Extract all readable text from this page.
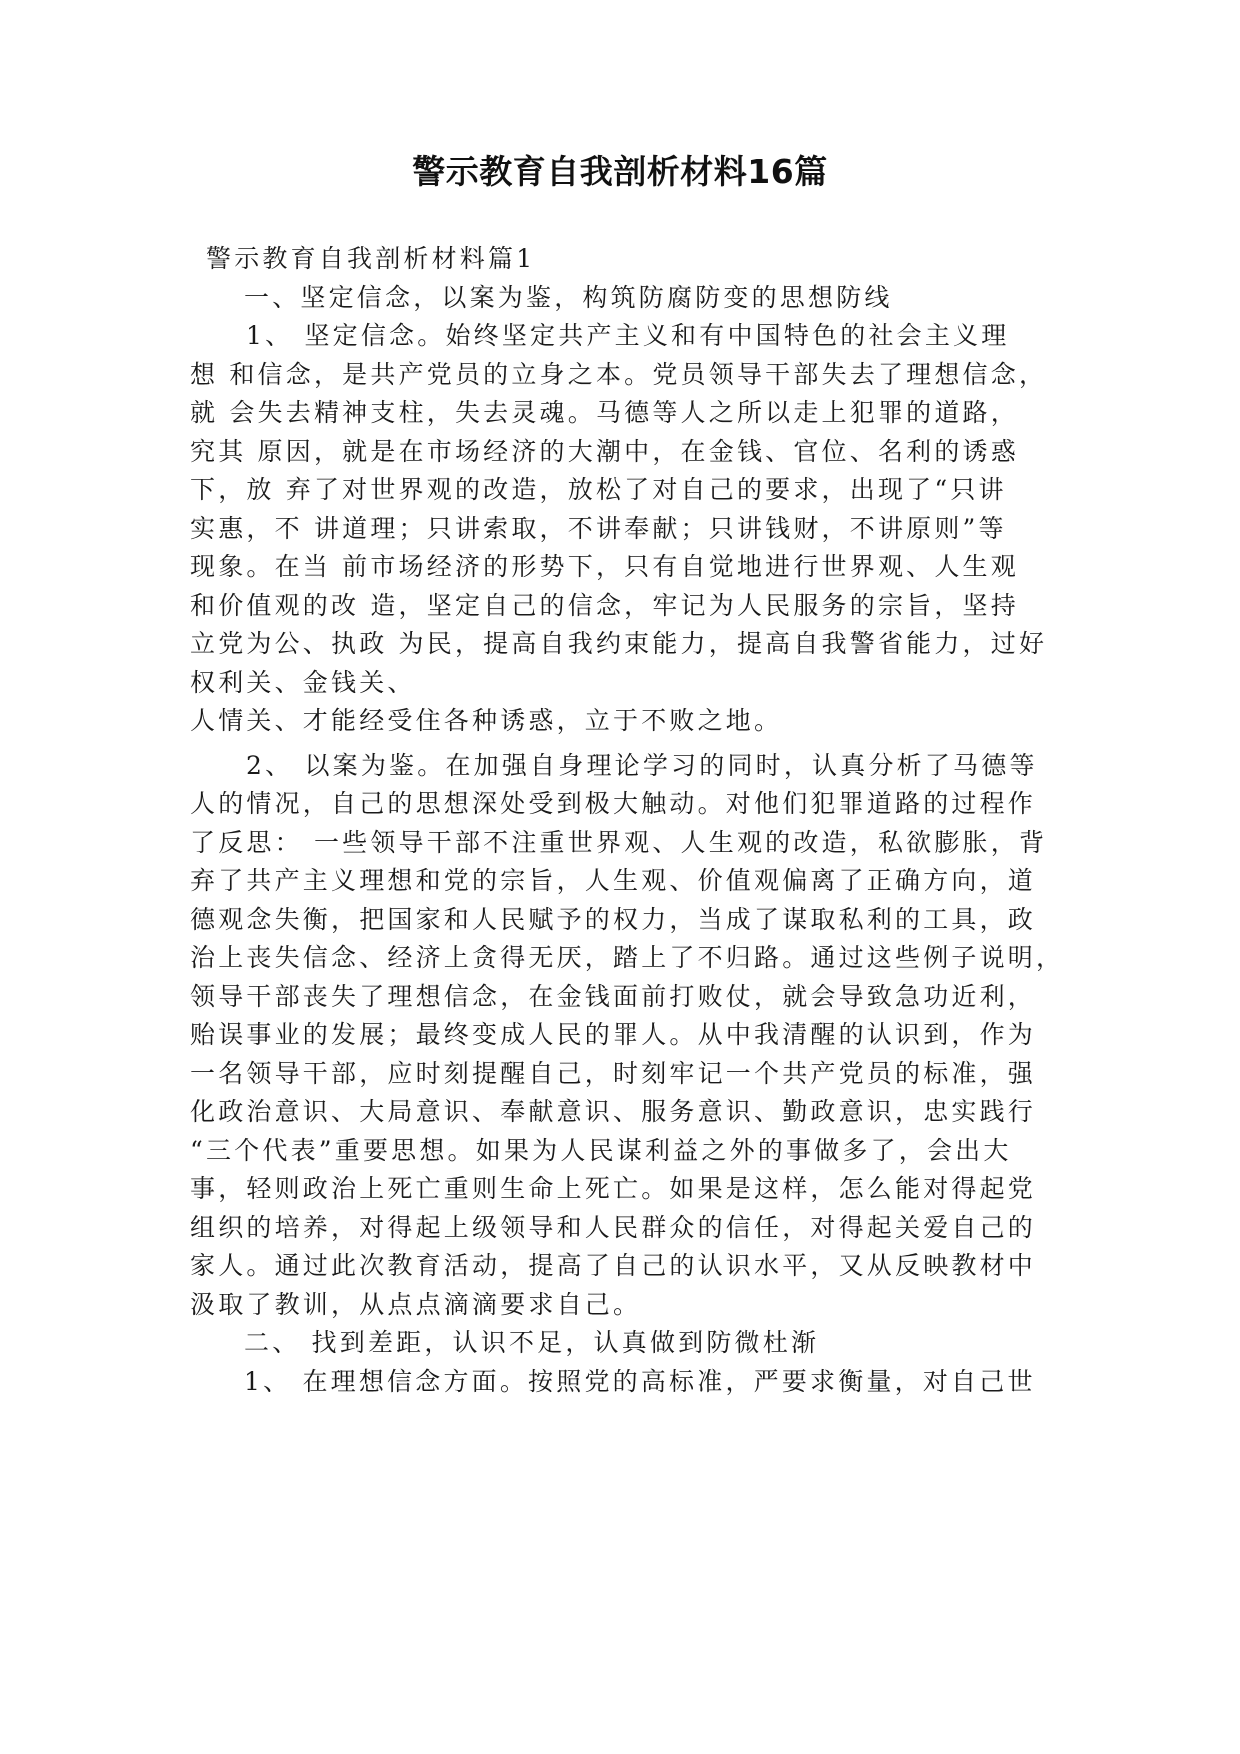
警示教育自我剖析材料16篇
警示教育自我剖析材料篇1
一、坚定信念，以案为鉴，构筑防腐防变的思想防线
1、 坚定信念。始终坚定共产主义和有中国特色的社会主义理
想 和信念，是共产党员的立身之本。党员领导干部失去了理想信念，
就 会失去精神支柱，失去灵魂。马德等人之所以走上犯罪的道路，
究其 原因，就是在市场经济的大潮中，在金钱、官位、名利的诱惑
下，放 弃了对世界观的改造，放松了对自己的要求，出现了“只讲
实惠，不 讲道理；只讲索取，不讲奉献；只讲钱财，不讲原则”等
现象。在当 前市场经济的形势下，只有自觉地进行世界观、人生观
和价值观的改 造，坚定自己的信念，牢记为人民服务的宗旨，坚持
立党为公、执政 为民，提高自我约束能力，提高自我警省能力，过好
权利关、金钱关、
人情关、才能经受住各种诱惑，立于不败之地。
2、 以案为鉴。在加强自身理论学习的同时，认真分析了马德等
人的情况，自己的思想深处受到极大触动。对他们犯罪道路的过程作
了反思： 一些领导干部不注重世界观、人生观的改造，私欲膨胀，背
弃了共产主义理想和党的宗旨，人生观、价值观偏离了正确方向，道
德观念失衡，把国家和人民赋予的权力，当成了谋取私利的工具，政
治上丧失信念、经济上贪得无厌，踏上了不归路。通过这些例子说明，
领导干部丧失了理想信念，在金钱面前打败仗，就会导致急功近利，
贻误事业的发展；最终变成人民的罪人。从中我清醒的认识到，作为
一名领导干部，应时刻提醒自己，时刻牢记一个共产党员的标准，强
化政治意识、大局意识、奉献意识、服务意识、勤政意识，忠实践行
“三个代表”重要思想。如果为人民谋利益之外的事做多了，会出大
事，轻则政治上死亡重则生命上死亡。如果是这样，怎么能对得起党
组织的培养，对得起上级领导和人民群众的信任，对得起关爱自己的
家人。通过此次教育活动，提高了自己的认识水平，又从反映教材中
汲取了教训，从点点滴滴要求自己。
二、 找到差距，认识不足，认真做到防微杜渐
1、 在理想信念方面。按照党的高标准，严要求衡量，对自己世
